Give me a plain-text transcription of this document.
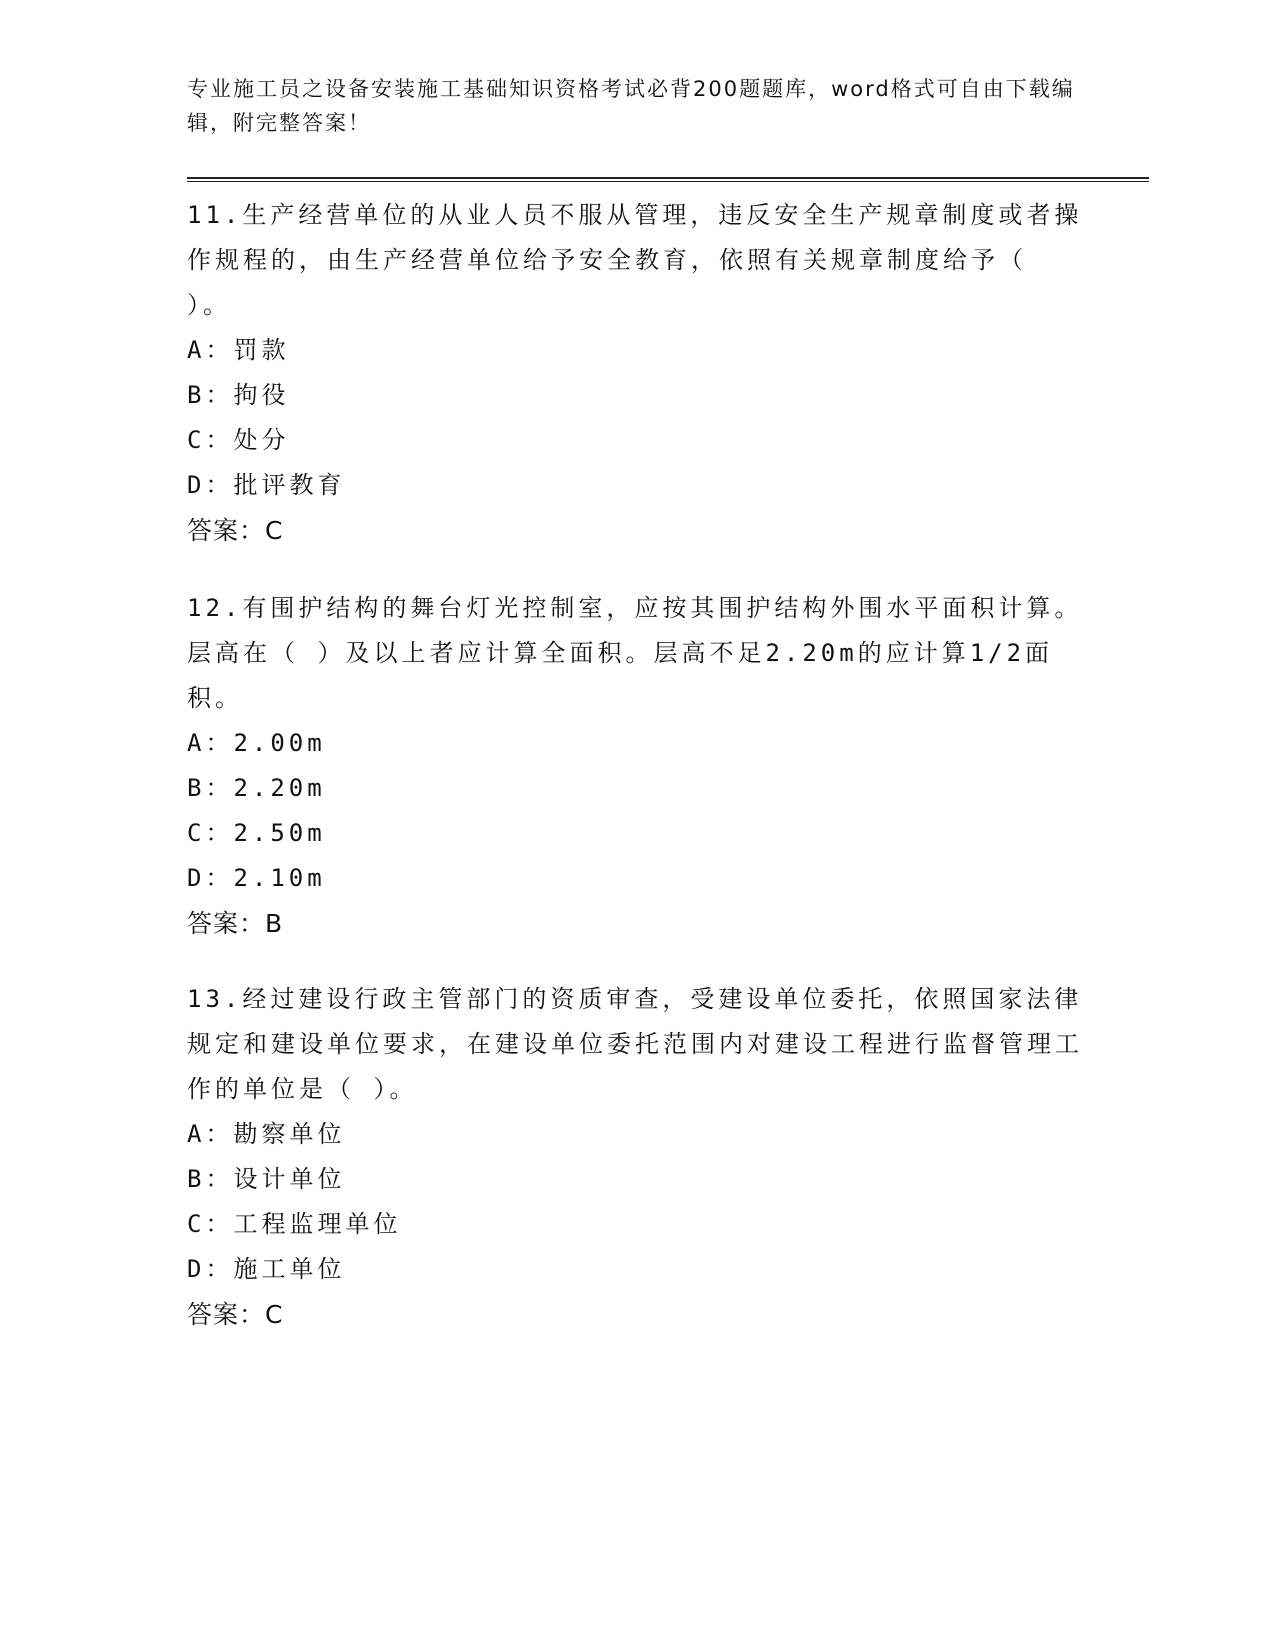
专业施工员之设备安装施工基础知识资格考试必背200题题库，word格式可自由下载编辑，附完整答案！

11.生产经营单位的从业人员不服从管理，违反安全生产规章制度或者操作规程的，由生产经营单位给予安全教育，依照有关规章制度给予（ ）。

A：罚款

B：拘役

C：处分

D：批评教育

答案：C

12.有围护结构的舞台灯光控制室，应按其围护结构外围水平面积计算。层高在（ ）及以上者应计算全面积。层高不足2.20m的应计算1/2面积。

A：2.00m

B：2.20m

C：2.50m

D：2.10m

答案：B

13.经过建设行政主管部门的资质审查，受建设单位委托，依照国家法律规定和建设单位要求，在建设单位委托范围内对建设工程进行监督管理工作的单位是（ ）。

A：勘察单位

B：设计单位

C：工程监理单位

D：施工单位

答案：C
